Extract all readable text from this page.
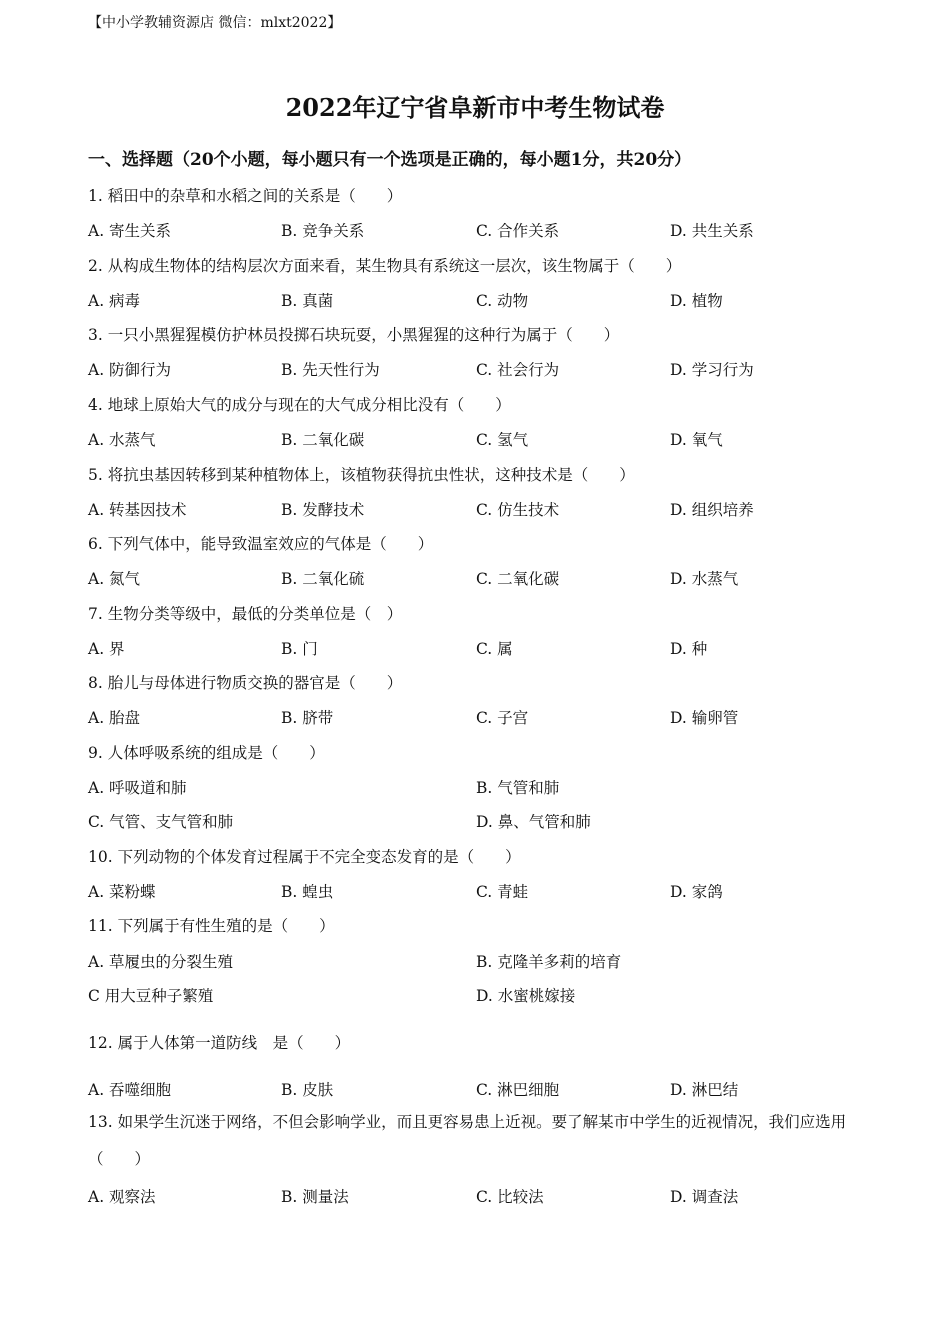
【中小学教辅资源店 微信：mlxt2022】
2022年辽宁省阜新市中考生物试卷
一、选择题（20个小题，每小题只有一个选项是正确的，每小题1分，共20分）
1. 稻田中的杂草和水稻之间的关系是（　　）
A. 寄生关系	B. 竞争关系	C. 合作关系	D. 共生关系
2. 从构成生物体的结构层次方面来看，某生物具有系统这一层次，该生物属于（　　）
A. 病毒	B. 真菌	C. 动物	D. 植物
3. 一只小黑猩猩模仿护林员投掷石块玩耍，小黑猩猩的这种行为属于（　　）
A. 防御行为	B. 先天性行为	C. 社会行为	D. 学习行为
4. 地球上原始大气的成分与现在的大气成分相比没有（　　）
A. 水蒸气	B. 二氧化碳	C. 氢气	D. 氧气
5. 将抗虫基因转移到某种植物体上，该植物获得抗虫性状，这种技术是（　　）
A. 转基因技术	B. 发酵技术	C. 仿生技术	D. 组织培养
6. 下列气体中，能导致温室效应的气体是（　　）
A. 氮气	B. 二氧化硫	C. 二氧化碳	D. 水蒸气
7. 生物分类等级中，最低的分类单位是（　）
A. 界	B. 门	C. 属	D. 种
8. 胎儿与母体进行物质交换的器官是（　　）
A. 胎盘	B. 脐带	C. 子宫	D. 输卵管
9. 人体呼吸系统的组成是（　　）
A. 呼吸道和肺	B. 气管和肺
C. 气管、支气管和肺	D. 鼻、气管和肺
10. 下列动物的个体发育过程属于不完全变态发育的是（　　）
A. 菜粉蝶	B. 蝗虫	C. 青蛙	D. 家鸽
11. 下列属于有性生殖的是（　　）
A. 草履虫的分裂生殖	B. 克隆羊多莉的培育
C 用大豆种子繁殖	D. 水蜜桃嫁接
12. 属于人体第一道防线　是（　　）
A. 吞噬细胞	B. 皮肤	C. 淋巴细胞	D. 淋巴结
13. 如果学生沉迷于网络，不但会影响学业，而且更容易患上近视。要了解某市中学生的近视情况，我们应选用（　　）
A. 观察法	B. 测量法	C. 比较法	D. 调查法
